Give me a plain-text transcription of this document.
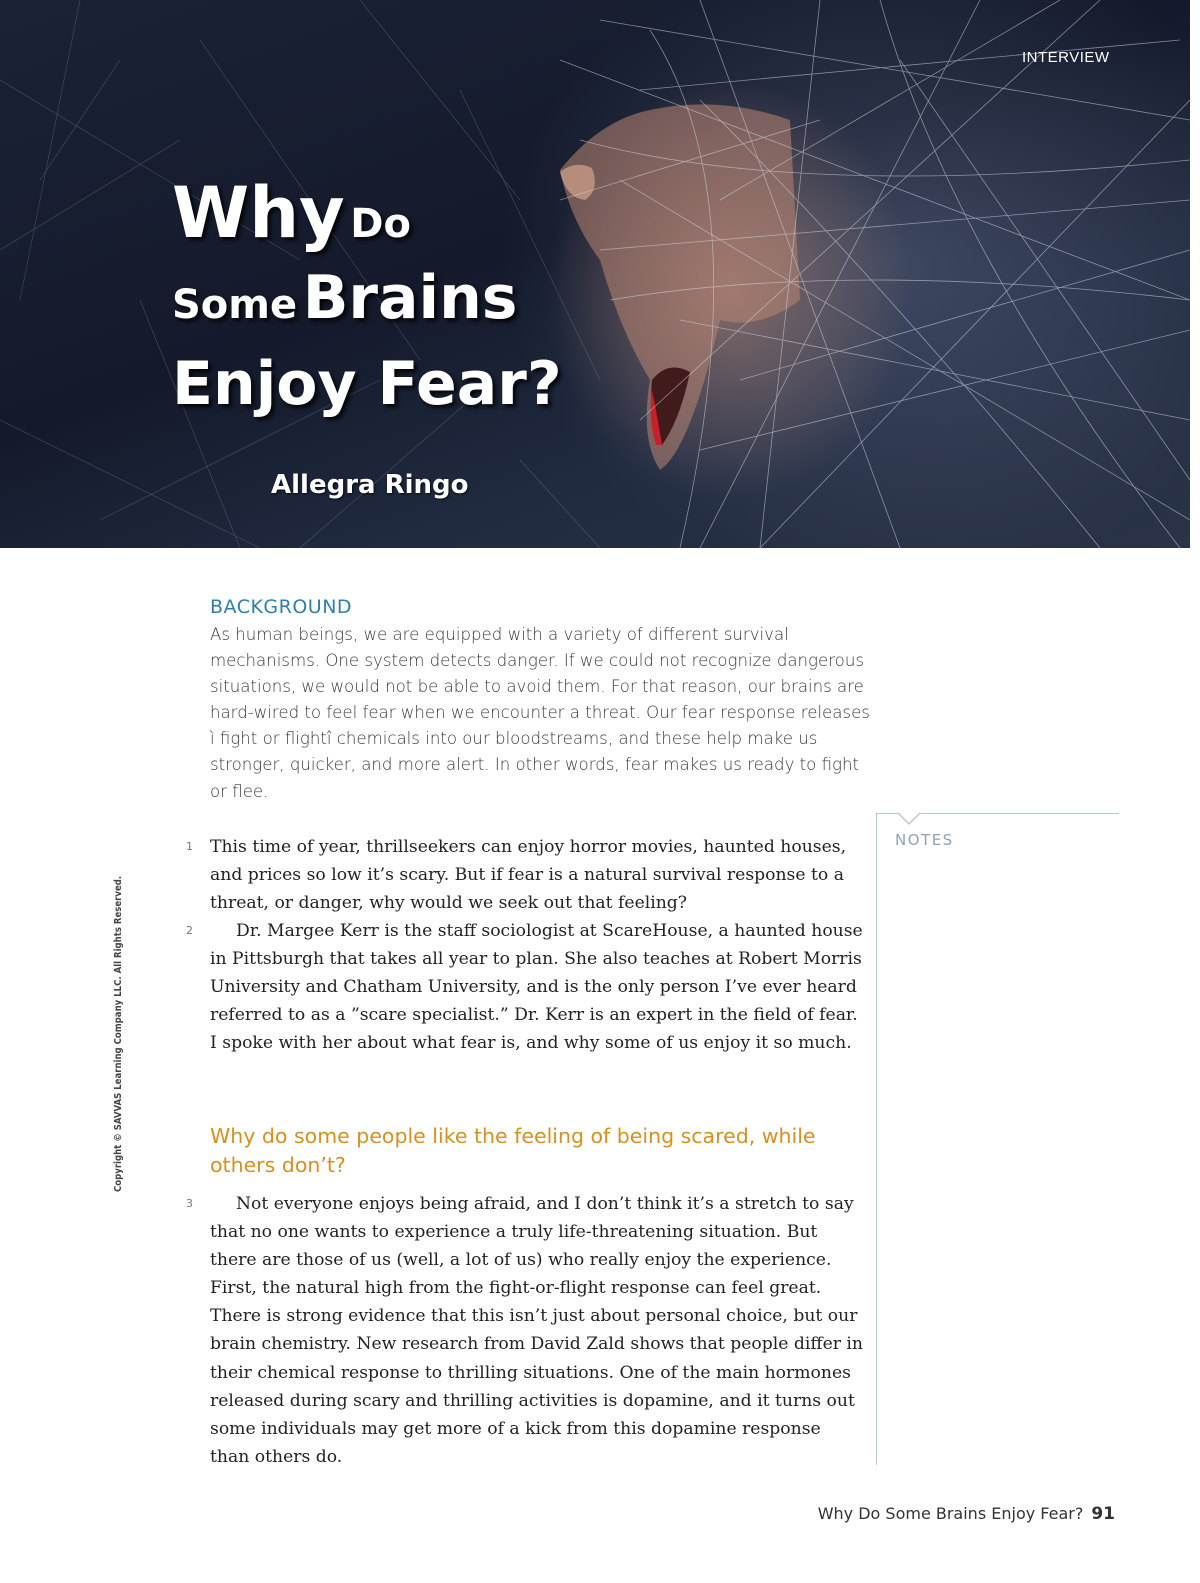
INTERVIEW
Why Do
Some Brains
Enjoy Fear?
Allegra Ringo
BACKGROUND
As human beings, we are equipped with a variety of different survival mechanisms. One system detects danger. If we could not recognize dangerous situations, we would not be able to avoid them. For that reason, our brains are hard-wired to feel fear when we encounter a threat. Our fear response releases ì fight or flightî chemicals into our bloodstreams, and these help make us stronger, quicker, and more alert. In other words, fear makes us ready to fight or flee.
NOTES
1 This time of year, thrillseekers can enjoy horror movies, haunted houses, and prices so low it’s scary. But if fear is a natural survival response to a threat, or danger, why would we seek out that feeling?

2	Dr. Margee Kerr is the staff sociologist at ScareHouse, a haunted house in Pittsburgh that takes all year to plan. She also teaches at Robert Morris University and Chatham University, and is the only person I’ve ever heard referred to as a ”scare specialist.” Dr. Kerr is an expert in the field of fear. I spoke with her about what fear is, and why some of us enjoy it so much.

Why do some people like the feeling of being scared, while others don’t?
3	Not everyone enjoys being afraid, and I don’t think it’s a stretch to say that no one wants to experience a truly life-threatening situation. But there are those of us (well, a lot of us) who really enjoy the experience. First, the natural high from the fight-or-flight response can feel great. There is strong evidence that this isn’t just about personal choice, but our brain chemistry. New research from David Zald shows that people differ in their chemical response to thrilling situations. One of the main hormones released during scary and thrilling activities is dopamine, and it turns out some individuals may get more of a kick from this dopamine response than others do.

Copyright © SAVVAS Learning Company LLC. All Rights Reserved.
Why Do Some Brains Enjoy Fear? 91
